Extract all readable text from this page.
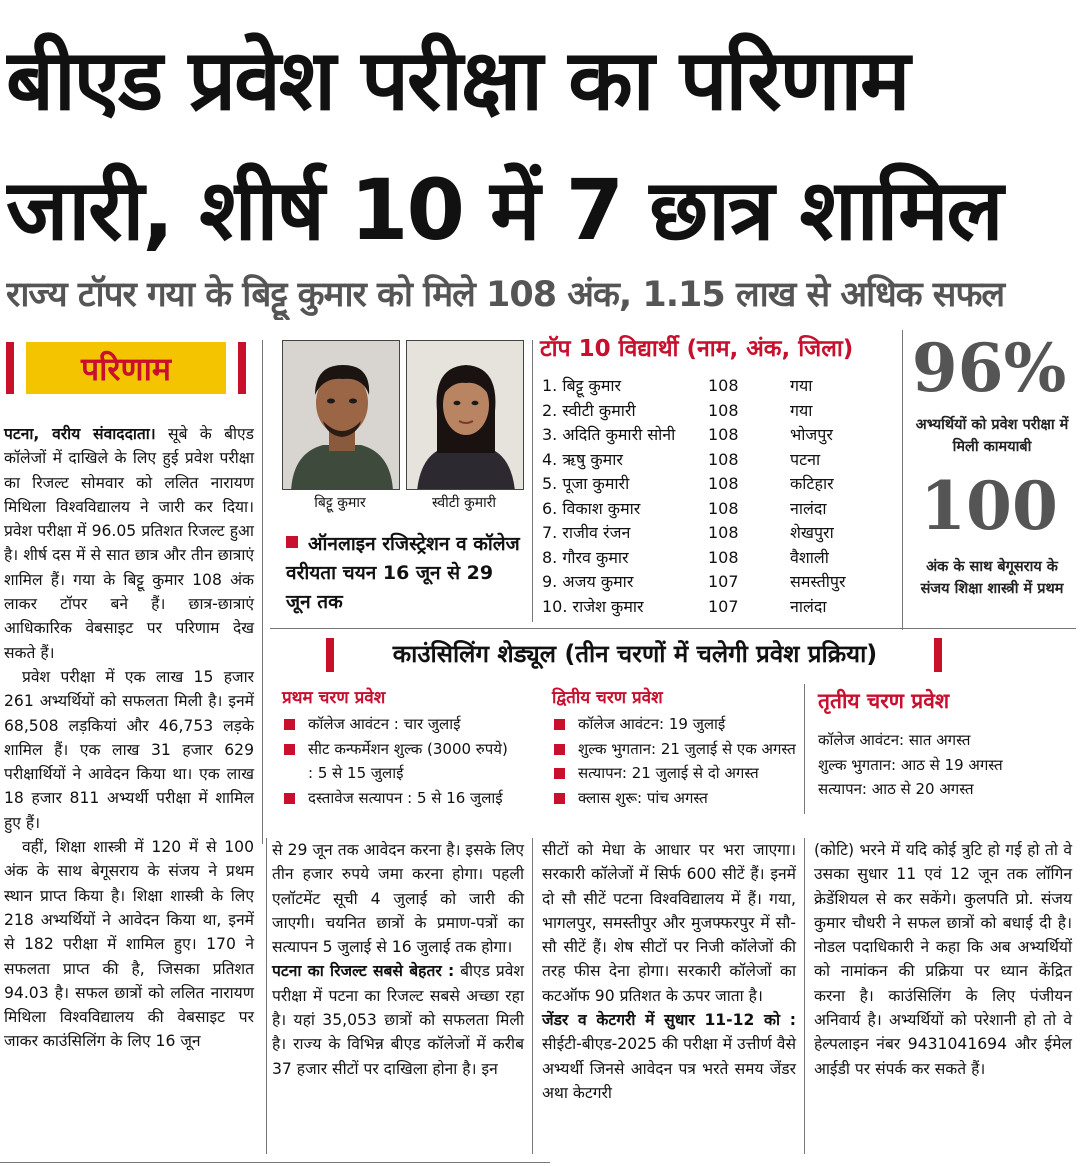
बीएड प्रवेश परीक्षा का परिणाम
जारी, शीर्ष 10 में 7 छात्र शामिल
राज्य टॉपर गया के बिट्टू कुमार को मिले 108 अंक, 1.15 लाख से अधिक सफल
परिणाम

पटना, वरीय संवाददाता। सूबे के बीएड कॉलेजों में दाखिले के लिए हुई प्रवेश परीक्षा का रिजल्ट सोमवार को ललित नारायण मिथिला विश्वविद्यालय ने जारी कर दिया। प्रवेश परीक्षा में 96.05 प्रतिशत रिजल्ट हुआ है। शीर्ष दस में से सात छात्र और तीन छात्राएं शामिल हैं। गया के बिट्टू कुमार 108 अंक लाकर टॉपर बने हैं। छात्र-छात्राएं आधिकारिक वेबसाइट पर परिणाम देख सकते हैं।

प्रवेश परीक्षा में एक लाख 15 हजार 261 अभ्यर्थियों को सफलता मिली है। इनमें 68,508 लड़कियां और 46,753 लड़के शामिल हैं। एक लाख 31 हजार 629 परीक्षार्थियों ने आवेदन किया था। एक लाख 18 हजार 811 अभ्यर्थी परीक्षा में शामिल हुए हैं।

वहीं, शिक्षा शास्त्री में 120 में से 100 अंक के साथ बेगूसराय के संजय ने प्रथम स्थान प्राप्त किया है। शिक्षा शास्त्री के लिए 218 अभ्यर्थियों ने आवेदन किया था, इनमें से 182 परीक्षा में शामिल हुए। 170 ने सफलता प्राप्त की है, जिसका प्रतिशत 94.03 है। सफल छात्रों को ललित नारायण मिथिला विश्वविद्यालय की वेबसाइट पर जाकर काउंसिलिंग के लिए 16 जून

बिट्टू कुमार	स्वीटी कुमारी
ऑनलाइन रजिस्ट्रेशन व कॉलेज वरीयता चयन 16 जून से 29 जून तक
टॉप 10 विद्यार्थी (नाम, अंक, जिला)
1. बिट्टू कुमार	108	गया
2. स्वीटी कुमारी	108	गया
3. अदिति कुमारी सोनी 108	भोजपुर
4. ऋषु कुमार	108	पटना
5. पूजा कुमारी	108	कटिहार
6. विकाश कुमार	108	नालंदा
7. राजीव रंजन	108	शेखपुरा
8. गौरव कुमार	108	वैशाली
9. अजय कुमार	107	समस्तीपुर
10. राजेश कुमार	107	नालंदा
96%
अभ्यर्थियों को प्रवेश परीक्षा में मिली कामयाबी
100
अंक के साथ बेगूसराय के संजय शिक्षा शास्त्री में प्रथम
काउंसिलिंग शेड्यूल (तीन चरणों में चलेगी प्रवेश प्रक्रिया)
प्रथम चरण प्रवेश
कॉलेज आवंटन : चार जुलाई
सीट कन्फर्मेशन शुल्क (3000 रुपये)
: 5 से 15 जुलाई
दस्तावेज सत्यापन : 5 से 16 जुलाई
द्वितीय चरण प्रवेश
कॉलेज आवंटन: 19 जुलाई
शुल्क भुगतान: 21 जुलाई से एक अगस्त
सत्यापन: 21 जुलाई से दो अगस्त
क्लास शुरू: पांच अगस्त
तृतीय चरण प्रवेश
कॉलेज आवंटन: सात अगस्त
शुल्क भुगतान: आठ से 19 अगस्त
सत्यापन: आठ से 20 अगस्त

से 29 जून तक आवेदन करना है। इसके लिए तीन हजार रुपये जमा करना होगा। पहली एलॉटमेंट सूची 4 जुलाई को जारी की जाएगी। चयनित छात्रों के प्रमाण-पत्रों का सत्यापन 5 जुलाई से 16 जुलाई तक होगा।

पटना का रिजल्ट सबसे बेहतर : बीएड प्रवेश परीक्षा में पटना का रिजल्ट सबसे अच्छा रहा है। यहां 35,053 छात्रों को सफलता मिली है। राज्य के विभिन्न बीएड कॉलेजों में करीब 37 हजार सीटों पर दाखिला होना है। इन

सीटों को मेधा के आधार पर भरा जाएगा। सरकारी कॉलेजों में सिर्फ 600 सीटें हैं। इनमें दो सौ सीटें पटना विश्वविद्यालय में हैं। गया, भागलपुर, समस्तीपुर और मुजफ्फरपुर में सौ-सौ सीटें हैं। शेष सीटों पर निजी कॉलेजों की तरह फीस देना होगा। सरकारी कॉलेजों का कटऑफ 90 प्रतिशत के ऊपर जाता है।

जेंडर व केटगरी में सुधार 11-12 को : सीईटी-बीएड-2025 की परीक्षा में उत्तीर्ण वैसे अभ्यर्थी जिनसे आवेदन पत्र भरते समय जेंडर अथा केटगरी

(कोटि) भरने में यदि कोई त्रुटि हो गई हो तो वे उसका सुधार 11 एवं 12 जून तक लॉगिन क्रेडेंशियल से कर सकेंगे। कुलपति प्रो. संजय कुमार चौधरी ने सफल छात्रों को बधाई दी है। नोडल पदाधिकारी ने कहा कि अब अभ्यर्थियों को नामांकन की प्रक्रिया पर ध्यान केंद्रित करना है। काउंसिलिंग के लिए पंजीयन अनिवार्य है। अभ्यर्थियों को परेशानी हो तो वे हेल्पलाइन नंबर 9431041694 और ईमेल आईडी पर संपर्क कर सकते हैं।
